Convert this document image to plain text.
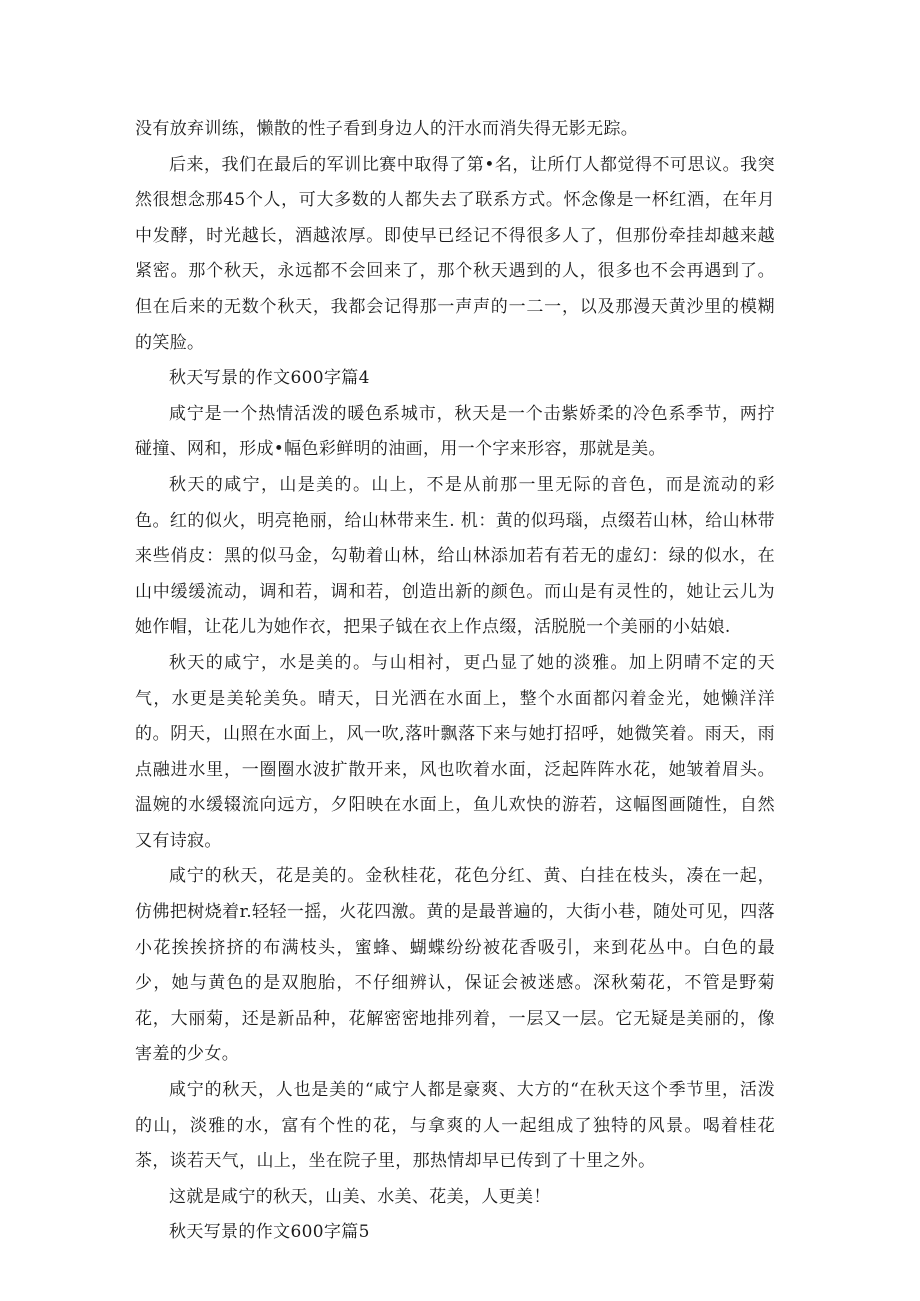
没有放弃训练，懒散的性子看到身边人的汗水而消失得无影无踪。

后来，我们在最后的军训比赛中取得了第•名，让所仃人都觉得不可思议。我突然很想念那45个人，可大多数的人都失去了联系方式。怀念像是一杯红酒，在年月中发酵，时光越长，酒越浓厚。即使早已经记不得很多人了，但那份牵挂却越来越紧密。那个秋天，永远都不会回来了，那个秋天遇到的人，很多也不会再遇到了。但在后来的无数个秋天，我都会记得那一声声的一二一，以及那漫天黄沙里的模糊的笑脸。

秋天写景的作文600字篇4

咸宁是一个热情活泼的暖色系城市，秋天是一个击紫娇柔的冷色系季节，两拧碰撞、网和，形成•幅色彩鲜明的油画，用一个字来形容，那就是美。

秋天的咸宁，山是美的。山上，不是从前那一里无际的音色，而是流动的彩色。红的似火，明亮艳丽，给山林带来生. 机：黄的似玛瑙，点缀若山林，给山林带来些俏皮：黑的似马金，勾勒着山林，给山林添加若有若无的虚幻：绿的似水，在山中缓缓流动，调和若，调和若，创造出新的颜色。而山是有灵性的，她让云儿为她作帽，让花儿为她作衣，把果子钺在衣上作点缀，活脱脱一个美丽的小姑娘.

秋天的咸宁，水是美的。与山相衬，更凸显了她的淡雅。加上阴晴不定的天气，水更是美轮美奂。晴天，日光洒在水面上，整个水面都闪着金光，她懒洋洋的。阴天，山照在水面上，风一吹,落叶飘落下来与她打招呼，她微笑着。雨天，雨点融进水里，一圈圈水波扩散开来，风也吹着水面，泛起阵阵水花，她皱着眉头。温婉的水缓辍流向远方，夕阳映在水面上，鱼儿欢快的游若，这幅图画随性，自然又有诗寂。

咸宁的秋天，花是美的。金秋桂花，花色分红、黄、白挂在枝头，凑在一起，仿佛把树烧着r.轻轻一摇，火花四激。黄的是最普遍的，大街小巷，随处可见，四落小花挨挨挤挤的布满枝头，蜜蜂、蝴蝶纷纷被花香吸引，来到花丛中。白色的最少，她与黄色的是双胞胎，不仔细辨认，保证会被迷感。深秋菊花，不管是野菊花，大丽菊，还是新品种，花解密密地排列着，一层又一层。它无疑是美丽的，像害羞的少女。

咸宁的秋天，人也是美的“咸宁人都是豪爽、大方的“在秋天这个季节里，活泼的山，淡雅的水，富有个性的花，与拿爽的人一起组成了独特的风景。喝着桂花茶，谈若天气，山上，坐在院子里，那热情却早已传到了十里之外。

这就是咸宁的秋天，山美、水美、花美，人更美！

秋天写景的作文600字篇5
